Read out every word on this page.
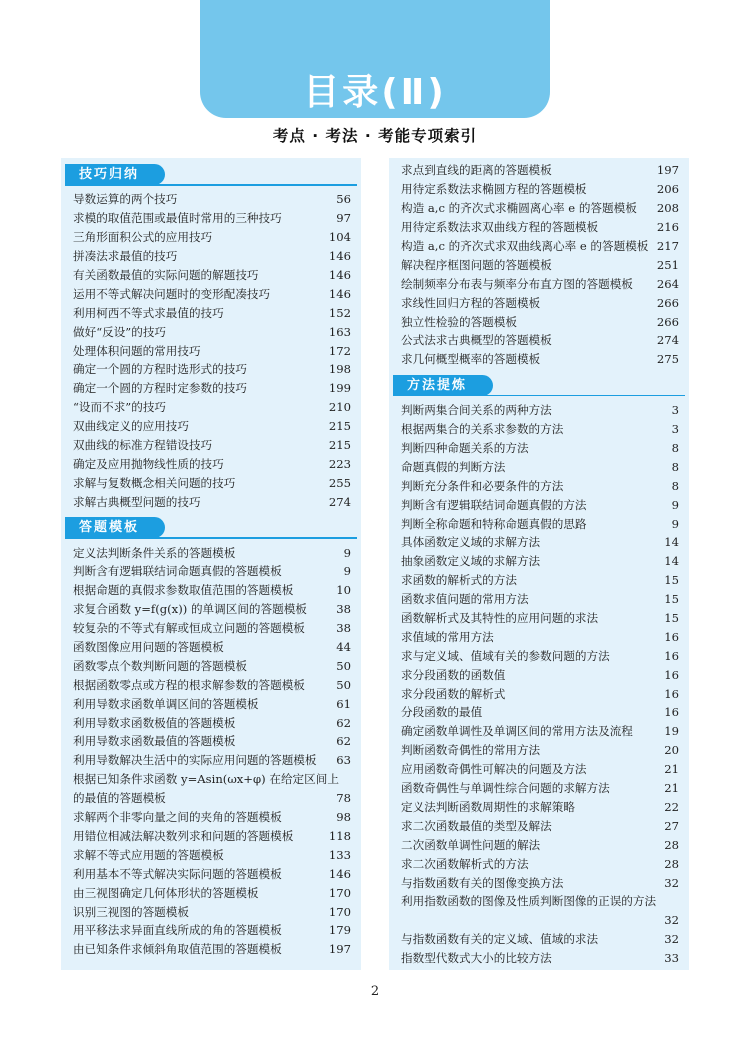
目录(Ⅱ)
考点 · 考法 · 考能专项索引
技巧归纳
导数运算的两个技巧	56
求模的取值范围或最值时常用的三种技巧	97
三角形面积公式的应用技巧	104
拼凑法求最值的技巧	146
有关函数最值的实际问题的解题技巧	146
运用不等式解决问题时的变形配凑技巧	146
利用柯西不等式求最值的技巧	152
做好“反设”的技巧	163
处理体积问题的常用技巧	172
确定一个圆的方程时选形式的技巧	198
确定一个圆的方程时定参数的技巧	199
“设而不求”的技巧	210
双曲线定义的应用技巧	215
双曲线的标准方程错设技巧	215
确定及应用抛物线性质的技巧	223
求解与复数概念相关问题的技巧	255
求解古典概型问题的技巧	274
答题模板
定义法判断条件关系的答题模板	9
判断含有逻辑联结词命题真假的答题模板	9
根据命题的真假求参数取值范围的答题模板	10
求复合函数 y=f(g(x)) 的单调区间的答题模板	38
较复杂的不等式有解或恒成立问题的答题模板	38
函数图像应用问题的答题模板	44
函数零点个数判断问题的答题模板	50
根据函数零点或方程的根求解参数的答题模板	50
利用导数求函数单调区间的答题模板	61
利用导数求函数极值的答题模板	62
利用导数求函数最值的答题模板	62
利用导数解决生活中的实际应用问题的答题模板	63
根据已知条件求函数 y=Asin(ωx+φ) 在给定区间上
的最值的答题模板	78
求解两个非零向量之间的夹角的答题模板	98
用错位相减法解决数列求和问题的答题模板	118
求解不等式应用题的答题模板	133
利用基本不等式解决实际问题的答题模板	146
由三视图确定几何体形状的答题模板	170
识别三视图的答题模板	170
用平移法求异面直线所成的角的答题模板	179
由已知条件求倾斜角取值范围的答题模板	197
求点到直线的距离的答题模板	197
用待定系数法求椭圆方程的答题模板	206
构造 a,c 的齐次式求椭圆离心率 e 的答题模板	208
用待定系数法求双曲线方程的答题模板	216
构造 a,c 的齐次式求双曲线离心率 e 的答题模板 217
解决程序框图问题的答题模板	251
绘制频率分布表与频率分布直方图的答题模板	264
求线性回归方程的答题模板	266
独立性检验的答题模板	266
公式法求古典概型的答题模板	274
求几何概型概率的答题模板	275
方法提炼
判断两集合间关系的两种方法	3
根据两集合的关系求参数的方法	3
判断四种命题关系的方法	8
命题真假的判断方法	8
判断充分条件和必要条件的方法	8
判断含有逻辑联结词命题真假的方法	9
判断全称命题和特称命题真假的思路	9
具体函数定义域的求解方法	14
抽象函数定义域的求解方法	14
求函数的解析式的方法	15
函数求值问题的常用方法	15
函数解析式及其特性的应用问题的求法	15
求值域的常用方法	16
求与定义域、值域有关的参数问题的方法	16
求分段函数的函数值	16
求分段函数的解析式	16
分段函数的最值	16
确定函数单调性及单调区间的常用方法及流程	19
判断函数奇偶性的常用方法	20
应用函数奇偶性可解决的问题及方法	21
函数奇偶性与单调性综合问题的求解方法	21
定义法判断函数周期性的求解策略	22
求二次函数最值的类型及解法	27
二次函数单调性问题的解法	28
求二次函数解析式的方法	28
与指数函数有关的图像变换方法	32
利用指数函数的图像及性质判断图像的正误的方法
32
与指数函数有关的定义域、值域的求法	32
指数型代数式大小的比较方法	33
2
